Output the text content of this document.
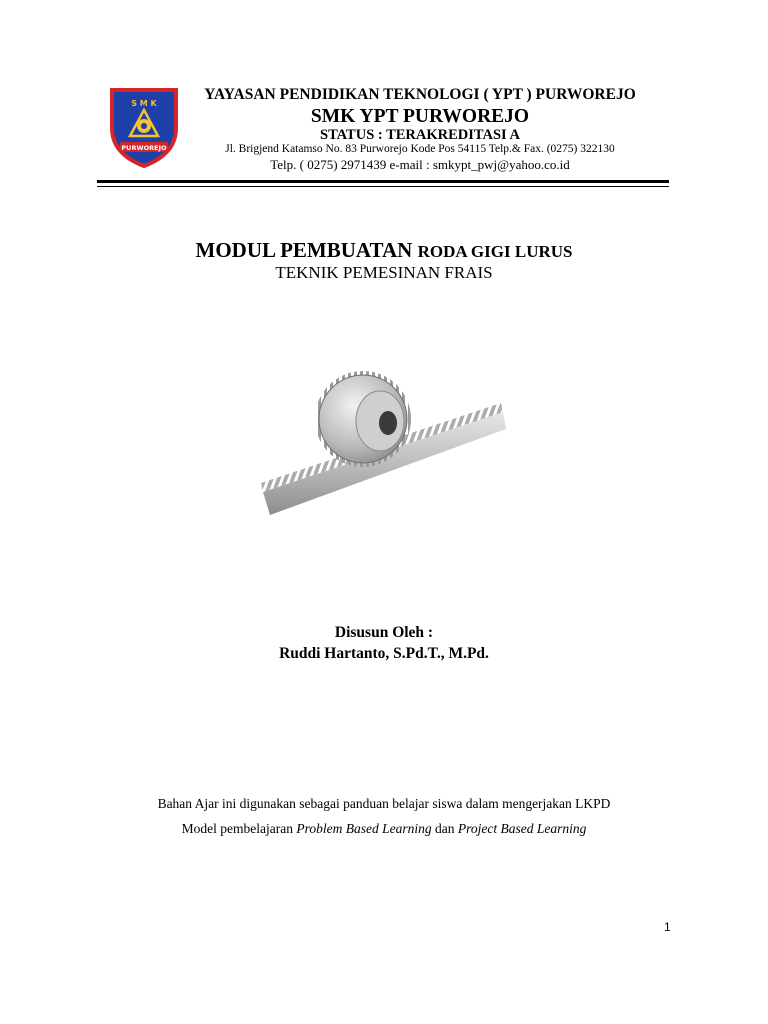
S M K
PURWOREJO
YAYASAN PENDIDIKAN TEKNOLOGI ( YPT ) PURWOREJO
SMK YPT PURWOREJO
STATUS : TERAKREDITASI A
Jl. Brigjend Katamso No. 83 Purworejo Kode Pos 54115 Telp.& Fax. (0275) 322130
Telp. ( 0275) 2971439 e-mail : smkypt_pwj@yahoo.co.id
MODUL PEMBUATAN RODA GIGI LURUS
TEKNIK PEMESINAN FRAIS
Disusun Oleh :
Ruddi Hartanto, S.Pd.T., M.Pd.
Bahan Ajar ini digunakan sebagai panduan belajar siswa dalam mengerjakan LKPD
Model pembelajaran Problem Based Learning dan Project Based Learning
1
